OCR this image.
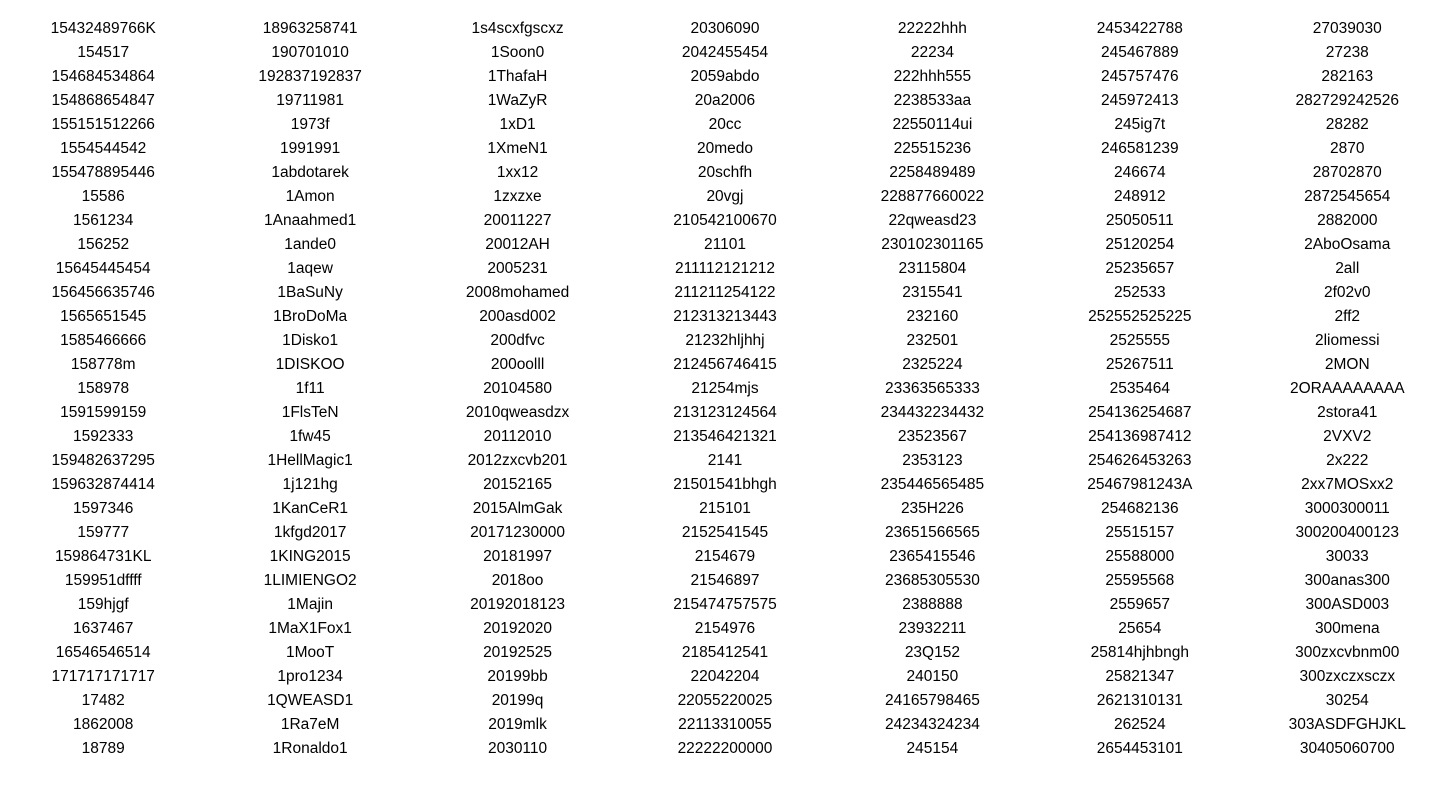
15432489766K	18963258741	1s4scxfgscxz	20306090	22222hhh	2453422788	27039030
154517	190701010	1Soon0	2042455454	22234	245467889	27238
154684534864	192837192837	1ThafaH	2059abdo	222hhh555	245757476	282163
154868654847	19711981	1WaZyR	20a2006	2238533aa	245972413	282729242526
155151512266	1973f	1xD1	20cc	22550114ui	245ig7t	28282
1554544542	1991991	1XmeN1	20medo	225515236	246581239	2870
155478895446	1abdotarek	1xx12	20schfh	2258489489	246674	28702870
15586	1Amon	1zxzxe	20vgj	228877660022	248912	2872545654
1561234	1Anaahmed1	20011227	210542100670	22qweasd23	25050511	2882000
156252	1ande0	20012AH	21101	230102301165	25120254	2AboOsama
15645445454	1aqew	2005231	211112121212	23115804	25235657	2all
156456635746	1BaSuNy	2008mohamed	211211254122	2315541	252533	2f02v0
1565651545	1BroDoMa	200asd002	212313213443	232160	252552525225	2ff2
1585466666	1Disko1	200dfvc	21232hljhhj	232501	2525555	2liomessi
158778m	1DISKOO	200oolll	212456746415	2325224	25267511	2MON
158978	1f11	20104580	21254mjs	23363565333	2535464	2ORAAAAAAAA
1591599159	1FlsTeN	2010qweasdzx	213123124564	234432234432	254136254687	2stora41
1592333	1fw45	20112010	213546421321	23523567	254136987412	2VXV2
159482637295	1HellMagic1	2012zxcvb201	2141	2353123	254626453263	2x222
159632874414	1j121hg	20152165	21501541bhgh	235446565485	25467981243A	2xx7MOSxx2
1597346	1KanCeR1	2015AlmGak	215101	235H226	254682136	3000300011
159777	1kfgd2017	20171230000	2152541545	23651566565	25515157	300200400123
159864731KL	1KING2015	20181997	2154679	2365415546	25588000	30033
159951dffff	1LIMIENGO2	2018oo	21546897	23685305530	25595568	300anas300
159hjgf	1Majin	20192018123	215474757575	2388888	2559657	300ASD003
1637467	1MaX1Fox1	20192020	2154976	23932211	25654	300mena
16546546514	1MooT	20192525	2185412541	23Q152	25814hjhbngh	300zxcvbnm00
171717171717	1pro1234	20199bb	22042204	240150	25821347	300zxczxsczx
17482	1QWEASD1	20199q	22055220025	24165798465	2621310131	30254
1862008	1Ra7eM	2019mlk	22113310055	24234324234	262524	303ASDFGHJKL
18789	1Ronaldo1	2030110	22222200000	245154	2654453101	30405060700
